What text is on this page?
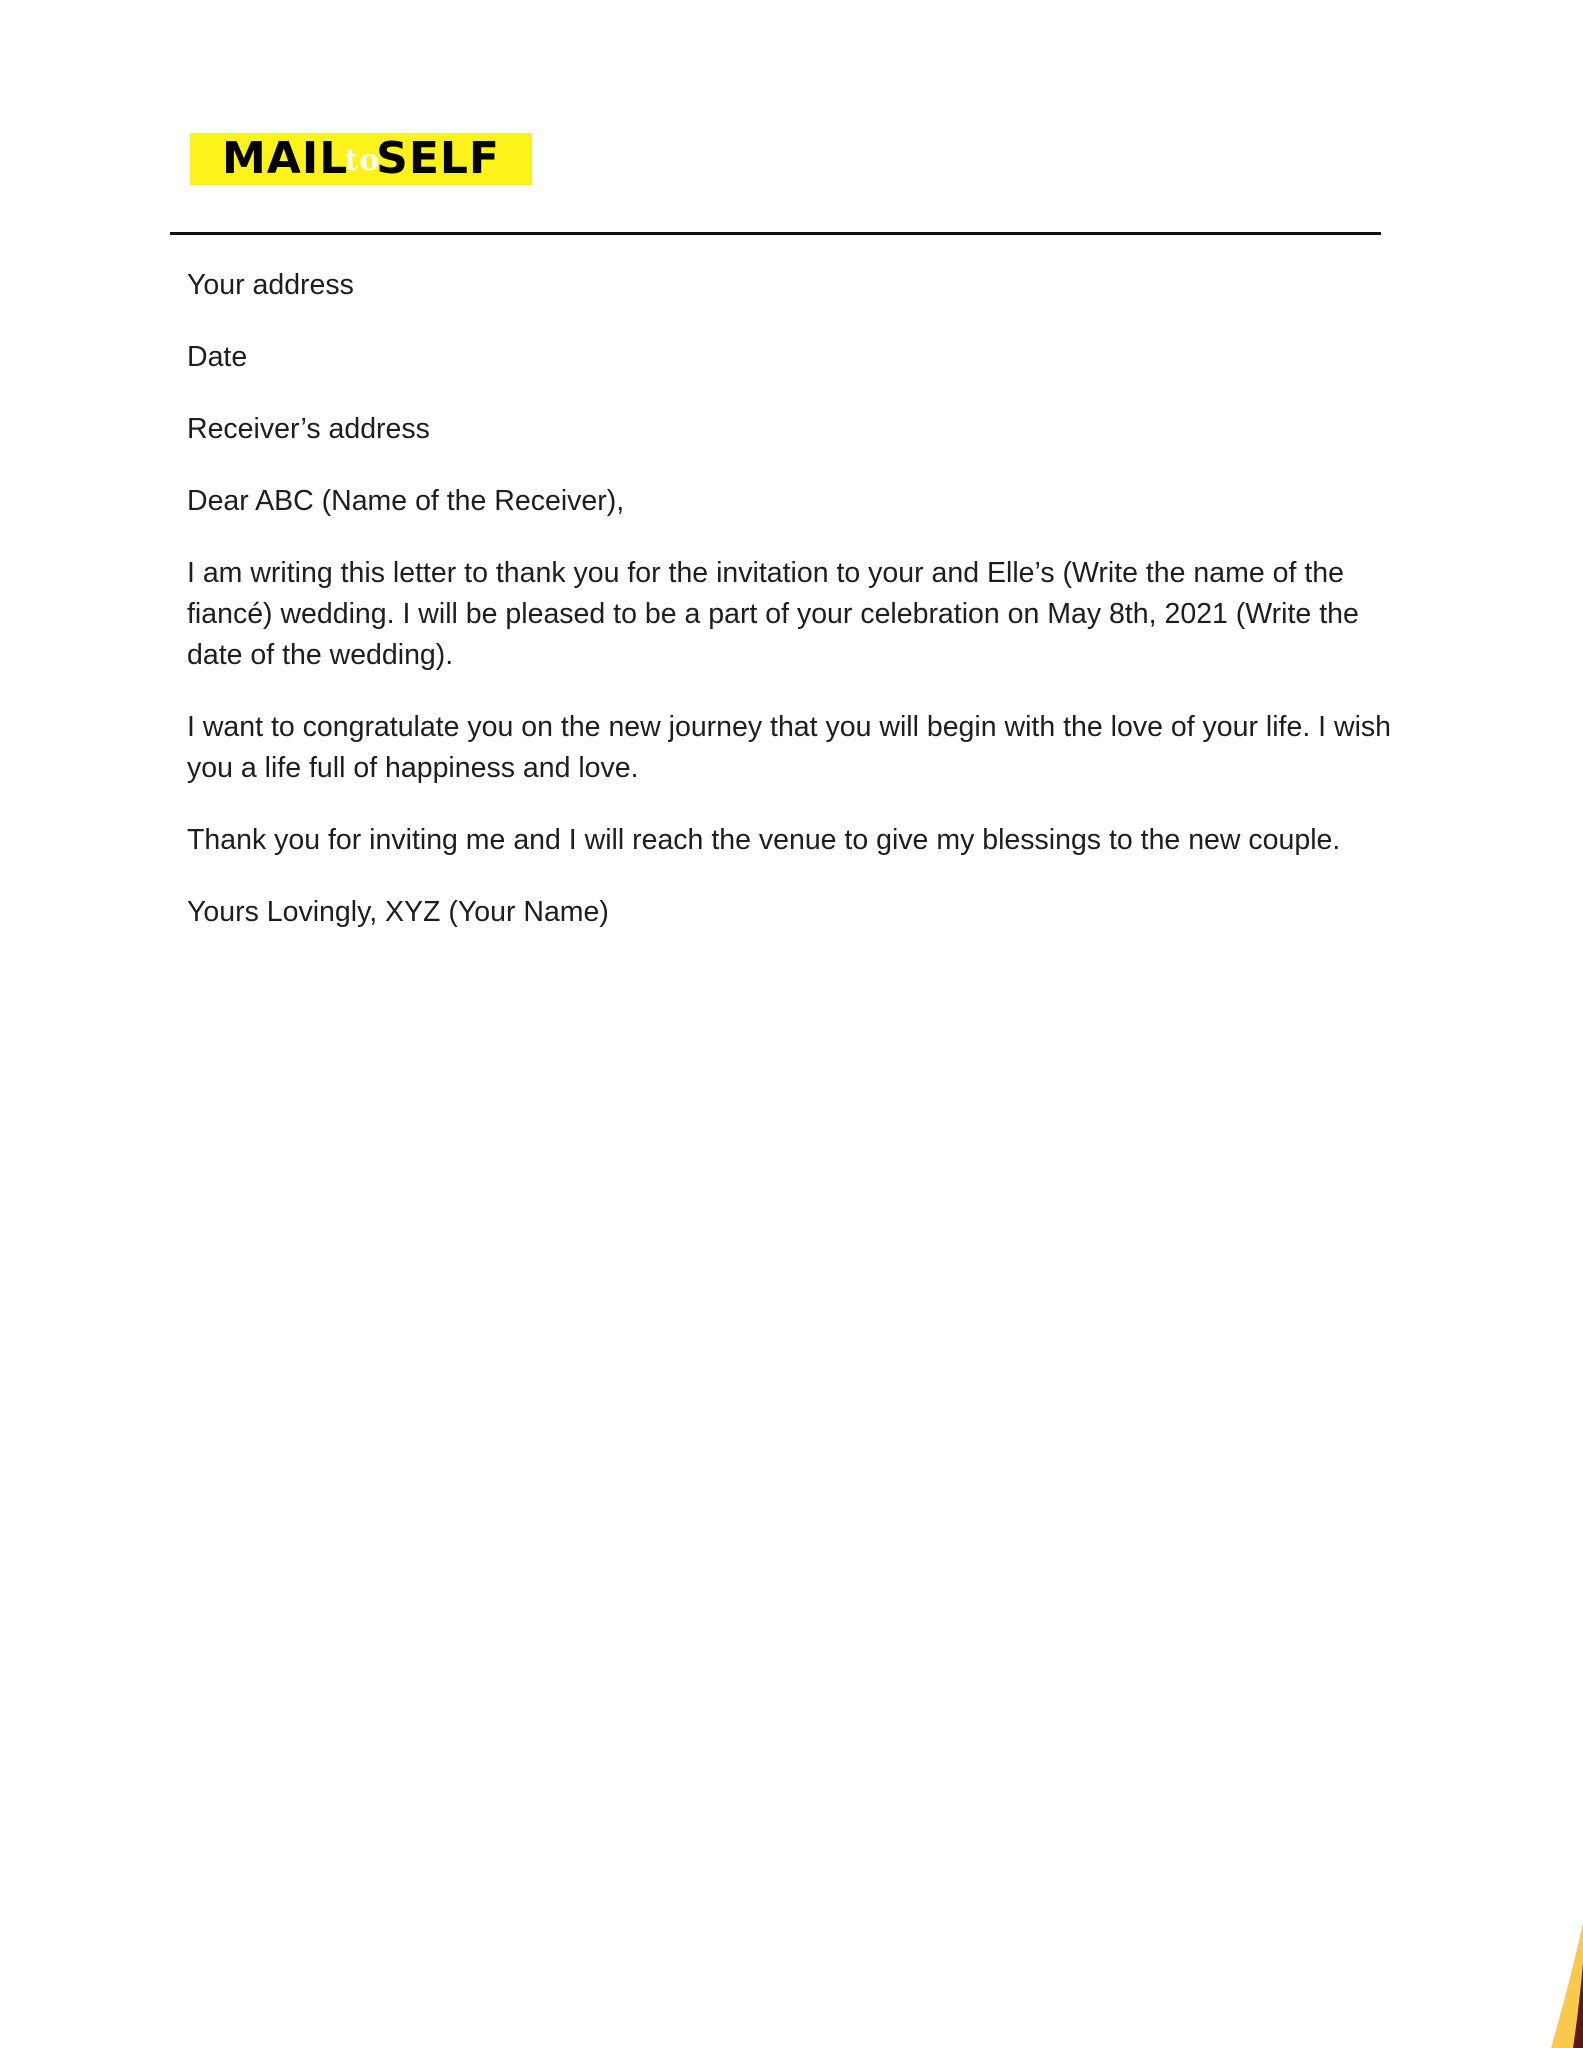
MAIL
to
SELF

Your address

Date

Receiver’s address

Dear ABC (Name of the Receiver),

I am writing this letter to thank you for the invitation to your and Elle’s (Write the name of the fiancé) wedding. I will be pleased to be a part of your celebration on May 8th, 2021 (Write the date of the wedding).

I want to congratulate you on the new journey that you will begin with the love of your life. I wish you a life full of happiness and love.

Thank you for inviting me and I will reach the venue to give my blessings to the new couple.

Yours Lovingly, XYZ (Your Name)
